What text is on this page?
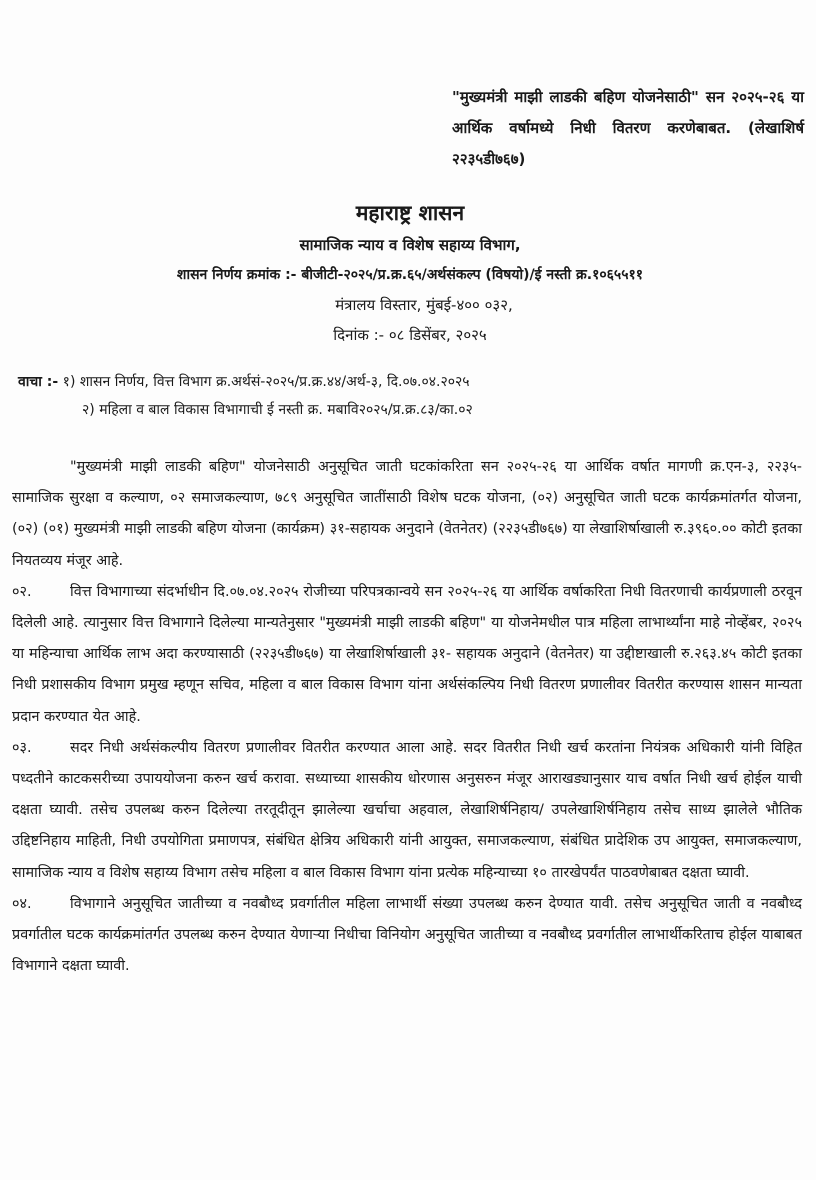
"मुख्यमंत्री माझी लाडकी बहिण योजनेसाठी" सन २०२५-२६ या आर्थिक वर्षामध्ये निधी वितरण करणेबाबत. (लेखाशिर्ष २२३५डी७६७)
महाराष्ट्र शासन
सामाजिक न्याय व विशेष सहाय्य विभाग,
शासन निर्णय क्रमांक :- बीजीटी-२०२५/प्र.क्र.६५/अर्थसंकल्प (विषयो)/ई नस्ती क्र.१०६५५११
मंत्रालय विस्तार, मुंबई-४०० ०३२,
दिनांक :- ०८ डिसेंबर, २०२५
वाचा :- १) शासन निर्णय, वित्त विभाग क्र.अर्थसं-२०२५/प्र.क्र.४४/अर्थ-३, दि.०७.०४.२०२५
२) महिला व बाल विकास विभागाची ई नस्ती क्र. मबावि२०२५/प्र.क्र.८३/का.०२

"मुख्यमंत्री माझी लाडकी बहिण" योजनेसाठी अनुसूचित जाती घटकांकरिता सन २०२५-२६ या आर्थिक वर्षात मागणी क्र.एन-३, २२३५-सामाजिक सुरक्षा व कल्याण, ०२ समाजकल्याण, ७८९ अनुसूचित जातींसाठी विशेष घटक योजना, (०२) अनुसूचित जाती घटक कार्यक्रमांतर्गत योजना, (०२) (०१) मुख्यमंत्री माझी लाडकी बहिण योजना (कार्यक्रम) ३१-सहायक अनुदाने (वेतनेतर) (२२३५डी७६७) या लेखाशिर्षाखाली रु.३९६०.०० कोटी इतका नियतव्यय मंजूर आहे.

०२.	वित्त विभागाच्या संदर्भाधीन दि.०७.०४.२०२५ रोजीच्या परिपत्रकान्वये सन २०२५-२६ या आर्थिक वर्षाकरिता निधी वितरणाची कार्यप्रणाली ठरवून दिलेली आहे. त्यानुसार वित्त विभागाने दिलेल्या मान्यतेनुसार "मुख्यमंत्री माझी लाडकी बहिण" या योजनेमधील पात्र महिला लाभार्थ्यांना माहे नोव्हेंबर, २०२५ या महिन्याचा आर्थिक लाभ अदा करण्यासाठी (२२३५डी७६७) या लेखाशिर्षाखाली ३१- सहायक अनुदाने (वेतनेतर) या उद्दीष्टाखाली रु.२६३.४५ कोटी इतका निधी प्रशासकीय विभाग प्रमुख म्हणून सचिव, महिला व बाल विकास विभाग यांना अर्थसंकल्पिय निधी वितरण प्रणालीवर वितरीत करण्यास शासन मान्यता प्रदान करण्यात येत आहे.

०३.	सदर निधी अर्थसंकल्पीय वितरण प्रणालीवर वितरीत करण्यात आला आहे. सदर वितरीत निधी खर्च करतांना नियंत्रक अधिकारी यांनी विहित पध्दतीने काटकसरीच्या उपाययोजना करुन खर्च करावा. सध्याच्या शासकीय धोरणास अनुसरुन मंजूर आराखड्यानुसार याच वर्षात निधी खर्च होईल याची दक्षता घ्यावी. तसेच उपलब्ध करुन दिलेल्या तरतूदीतून झालेल्या खर्चाचा अहवाल, लेखाशिर्षनिहाय/ उपलेखाशिर्षनिहाय तसेच साध्य झालेले भौतिक उद्दिष्टनिहाय माहिती, निधी उपयोगिता प्रमाणपत्र, संबंधित क्षेत्रिय अधिकारी यांनी आयुक्त, समाजकल्याण, संबंधित प्रादेशिक उप आयुक्त, समाजकल्याण, सामाजिक न्याय व विशेष सहाय्य विभाग तसेच महिला व बाल विकास विभाग यांना प्रत्येक महिन्याच्या १० तारखेपर्यंत पाठवणेबाबत दक्षता घ्यावी.

०४.	विभागाने अनुसूचित जातीच्या व नवबौध्द प्रवर्गातील महिला लाभार्थी संख्या उपलब्ध करुन देण्यात यावी. तसेच अनुसूचित जाती व नवबौध्द प्रवर्गातील घटक कार्यक्रमांतर्गत उपलब्ध करुन देण्यात येणाऱ्या निधीचा विनियोग अनुसूचित जातीच्या व नवबौध्द प्रवर्गातील लाभार्थीकरिताच होईल याबाबत विभागाने दक्षता घ्यावी.
